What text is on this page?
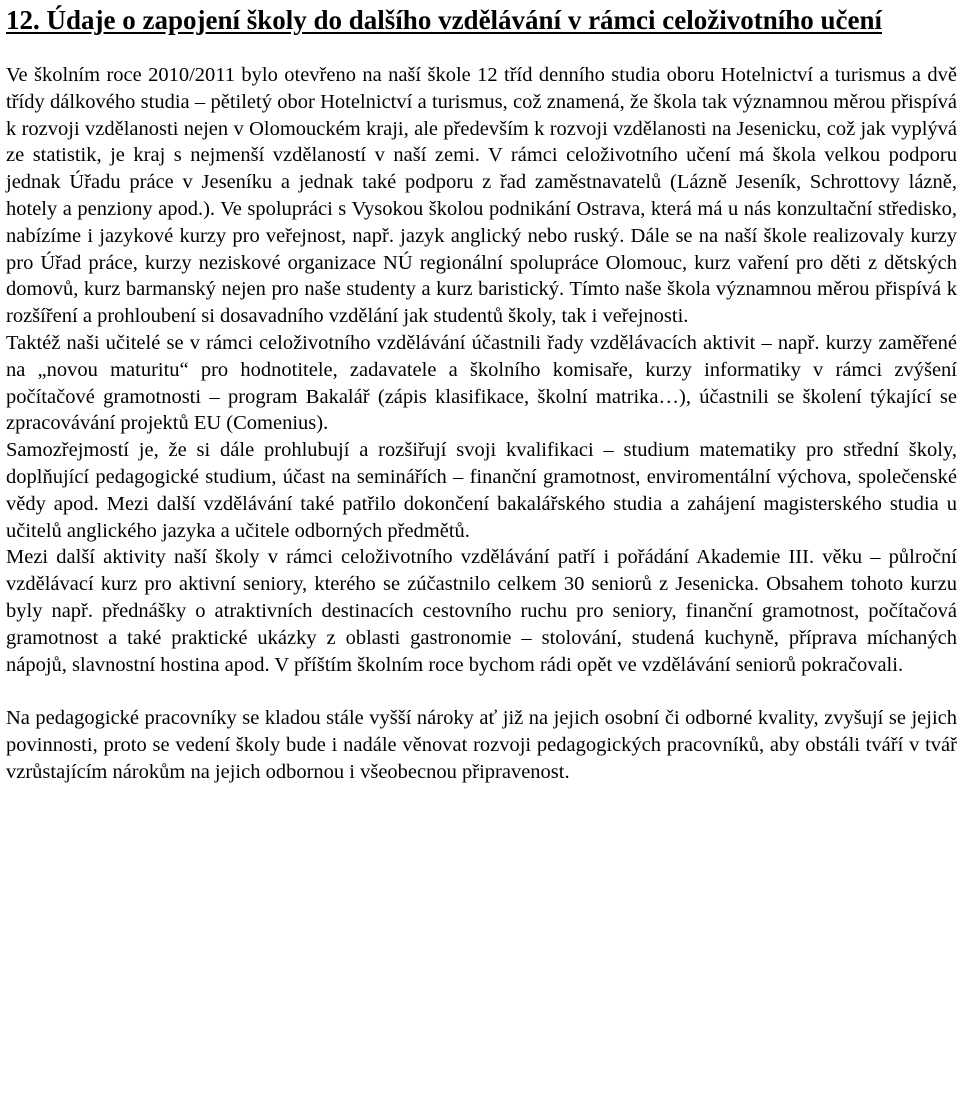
12. Údaje o zapojení školy do dalšího vzdělávání v rámci celoživotního učení

Ve školním roce 2010/2011 bylo otevřeno na naší škole 12 tříd denního studia oboru Hotelnictví a turismus a dvě třídy dálkového studia – pětiletý obor Hotelnictví a turismus, což znamená, že škola tak významnou měrou přispívá k rozvoji vzdělanosti nejen v Olomouckém kraji, ale především k rozvoji vzdělanosti na Jesenicku, což jak vyplývá ze statistik, je kraj s nejmenší vzdělaností v naší zemi. V rámci celoživotního učení má škola velkou podporu jednak Úřadu práce v Jeseníku a jednak také podporu z řad zaměstnavatelů (Lázně Jeseník, Schrottovy lázně, hotely a penziony apod.). Ve spolupráci s Vysokou školou podnikání Ostrava, která má u nás konzultační středisko, nabízíme i jazykové kurzy pro veřejnost, např. jazyk anglický nebo ruský. Dále se na naší škole realizovaly kurzy pro Úřad práce, kurzy neziskové organizace NÚ regionální spolupráce Olomouc, kurz vaření pro děti z dětských domovů, kurz barmanský nejen pro naše studenty a kurz baristický. Tímto naše škola významnou měrou přispívá k rozšíření a prohloubení si dosavadního vzdělání jak studentů školy, tak i veřejnosti.

Taktéž naši učitelé se v rámci celoživotního vzdělávání účastnili řady vzdělávacích aktivit – např. kurzy zaměřené na „novou maturitu“ pro hodnotitele, zadavatele a školního komisaře, kurzy informatiky v rámci zvýšení počítačové gramotnosti – program Bakalář (zápis klasifikace, školní matrika…), účastnili se školení týkající se zpracovávání projektů EU (Comenius).

Samozřejmostí je, že si dále prohlubují a rozšiřují svoji kvalifikaci – studium matematiky pro střední školy, doplňující pedagogické studium, účast na seminářích – finanční gramotnost, enviromentální výchova, společenské vědy apod. Mezi další vzdělávání také patřilo dokončení bakalářského studia a zahájení magisterského studia u učitelů anglického jazyka a učitele odborných předmětů.

Mezi další aktivity naší školy v rámci celoživotního vzdělávání patří i pořádání Akademie III. věku – půlroční vzdělávací kurz pro aktivní seniory, kterého se zúčastnilo celkem 30 seniorů z Jesenicka. Obsahem tohoto kurzu byly např. přednášky o atraktivních destinacích cestovního ruchu pro seniory, finanční gramotnost, počítačová gramotnost a také praktické ukázky z oblasti gastronomie – stolování, studená kuchyně, příprava míchaných nápojů, slavnostní hostina apod. V příštím školním roce bychom rádi opět ve vzdělávání seniorů pokračovali.

Na pedagogické pracovníky se kladou stále vyšší nároky ať již na jejich osobní či odborné kvality, zvyšují se jejich povinnosti, proto se vedení školy bude i nadále věnovat rozvoji pedagogických pracovníků, aby obstáli tváří v tvář vzrůstajícím nárokům na jejich odbornou i všeobecnou připravenost.
